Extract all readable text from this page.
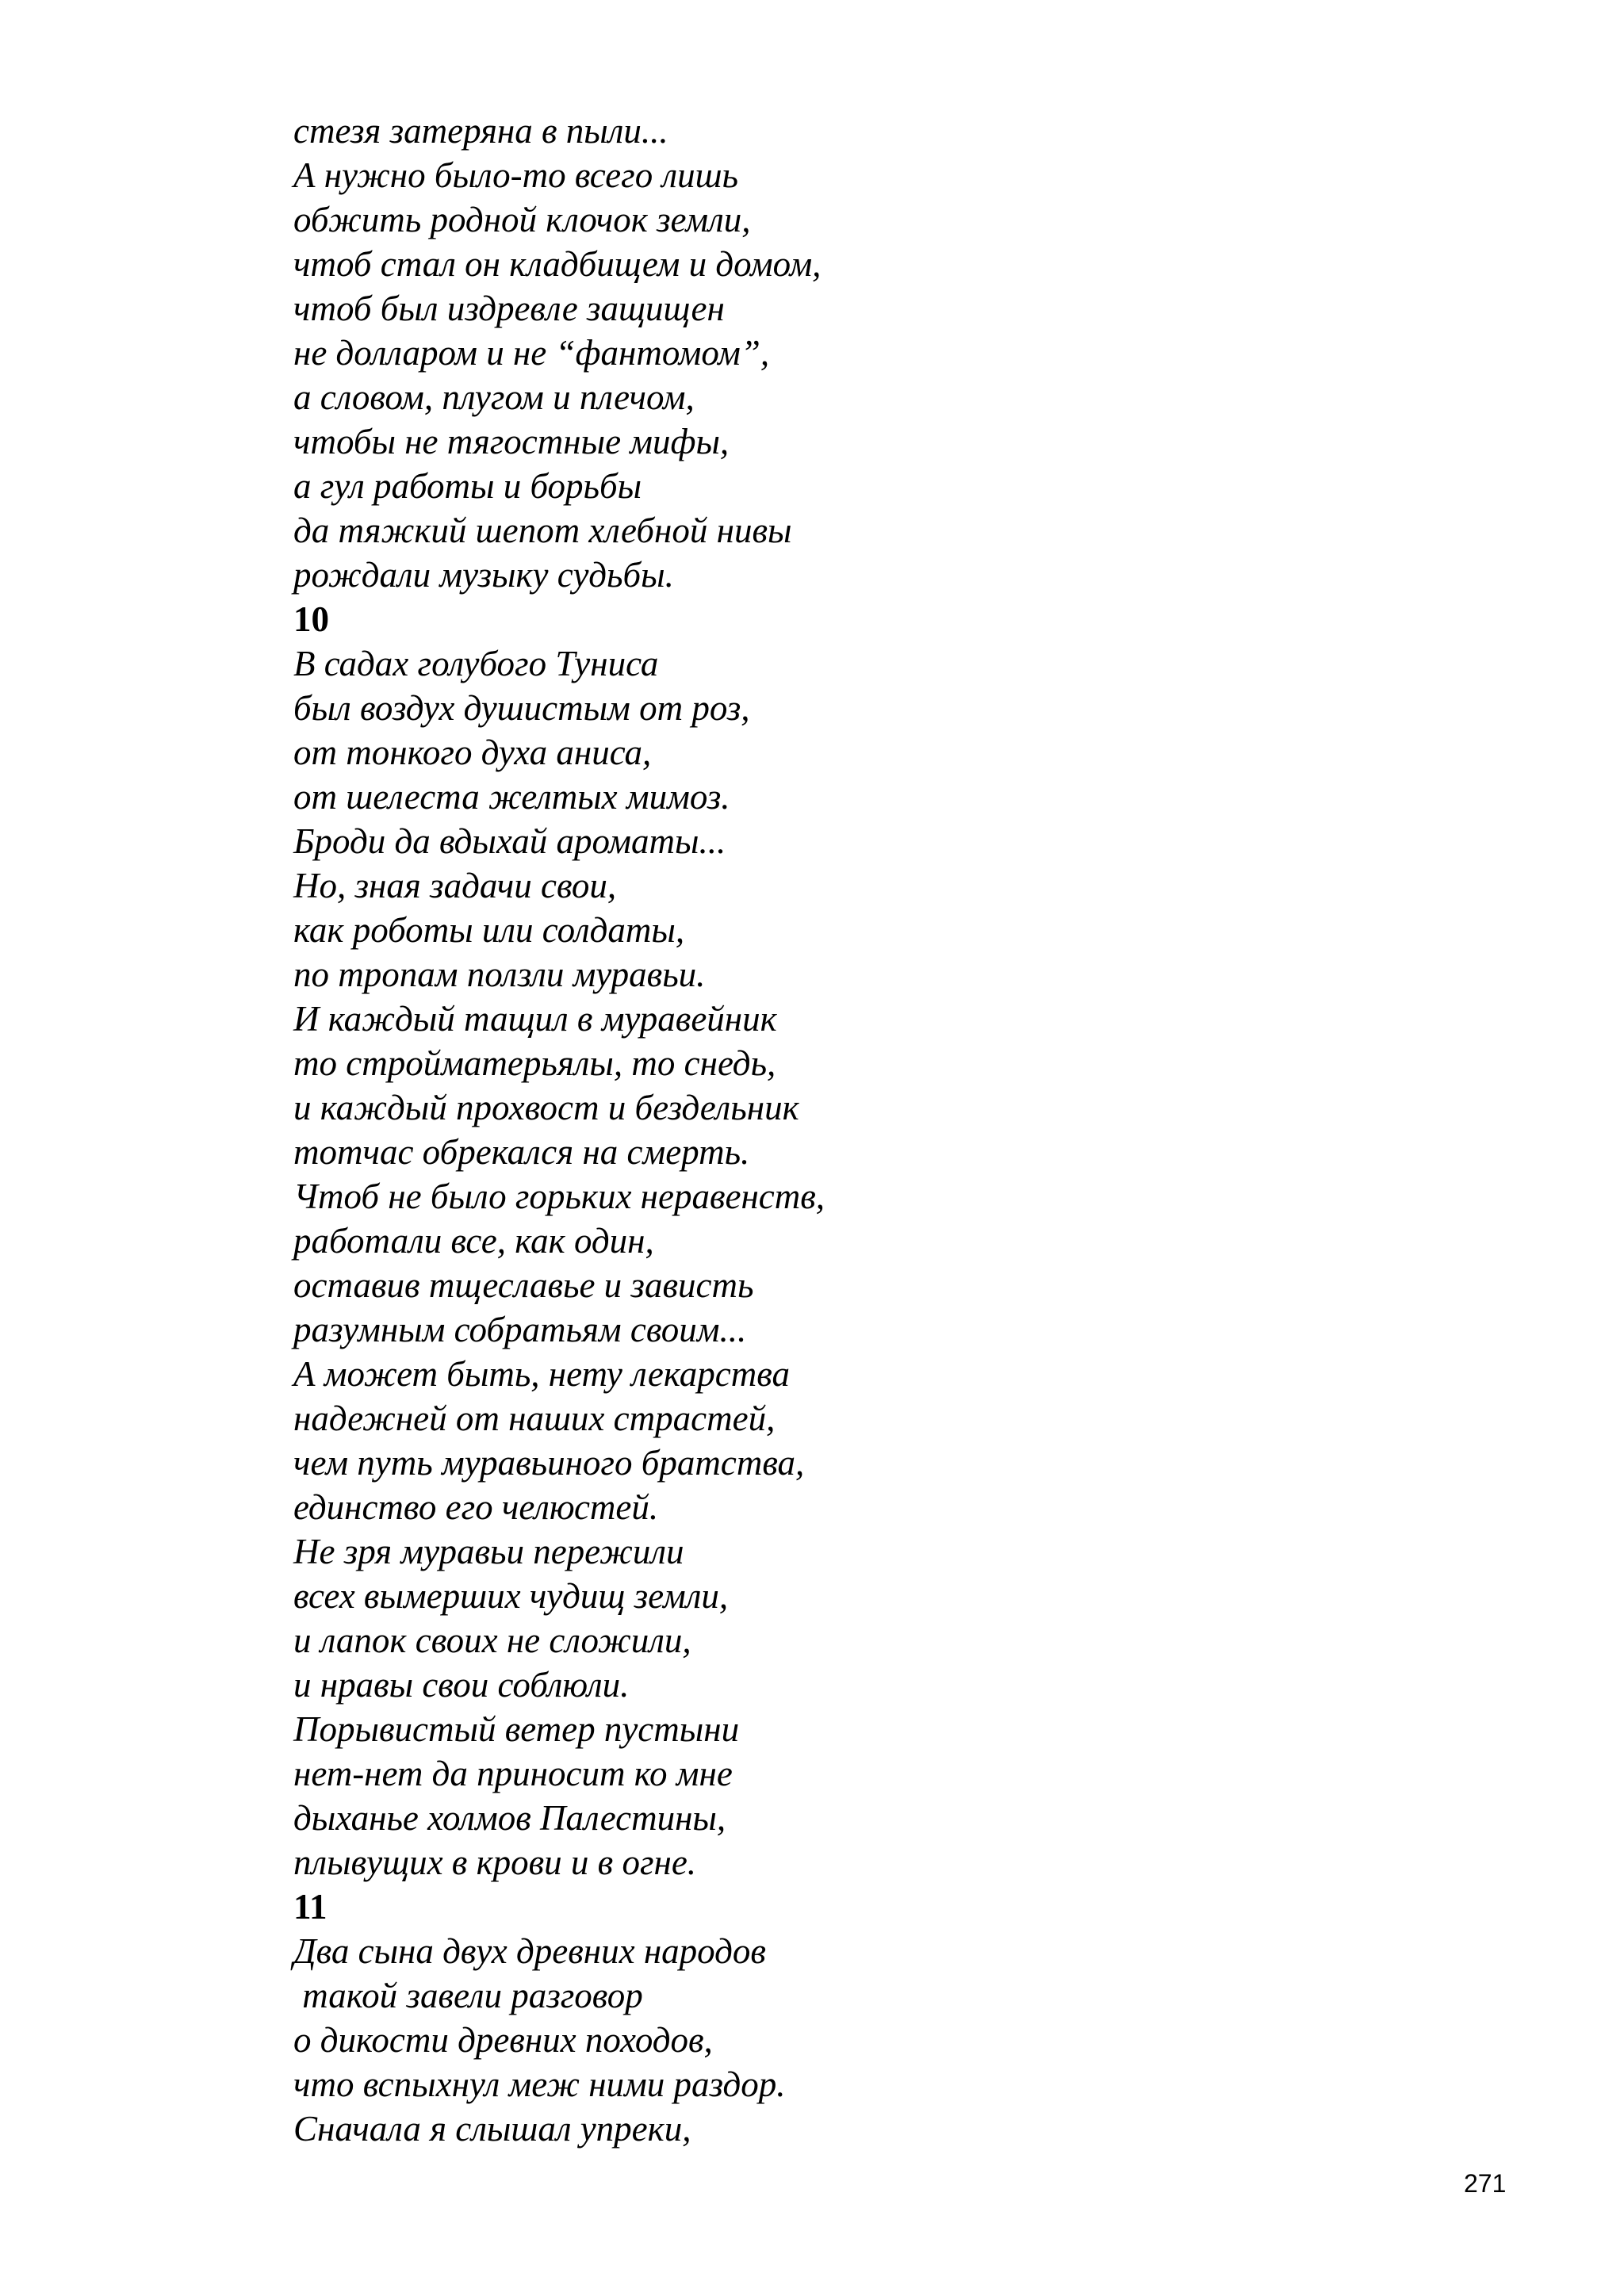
стезя затеряна в пыли...
А нужно было-то всего лишь
обжить родной клочок земли,
чтоб стал он кладбищем и домом,
чтоб был издревле защищен
не долларом и не “фантомом”,
а словом, плугом и плечом,
чтобы не тягостные мифы,
а гул работы и борьбы
да тяжкий шепот хлебной нивы
рождали музыку судьбы.
10
В садах голубого Туниса
был воздух душистым от роз,
от тонкого духа аниса,
от шелеста желтых мимоз.
Броди да вдыхай ароматы...
Но, зная задачи свои,
как роботы или солдаты,
по тропам ползли муравьи.
И каждый тащил в муравейник
то стройматерьялы, то снедь,
и каждый прохвост и бездельник
тотчас обрекался на смерть.
Чтоб не было горьких неравенств,
работали все, как один,
оставив тщеславье и зависть
разумным собратьям своим...
А может быть, нету лекарства
надежней от наших страстей,
чем путь муравьиного братства,
единство его челюстей.
Не зря муравьи пережили
всех вымерших чудищ земли,
и лапок своих не сложили,
и нравы свои соблюли.
Порывистый ветер пустыни
нет-нет да приносит ко мне
дыханье холмов Палестины,
плывущих в крови и в огне.
11
Два сына двух древних народов
такой завели разговор
о дикости древних походов,
что вспыхнул меж ними раздор.
Сначала я слышал упреки,
271
